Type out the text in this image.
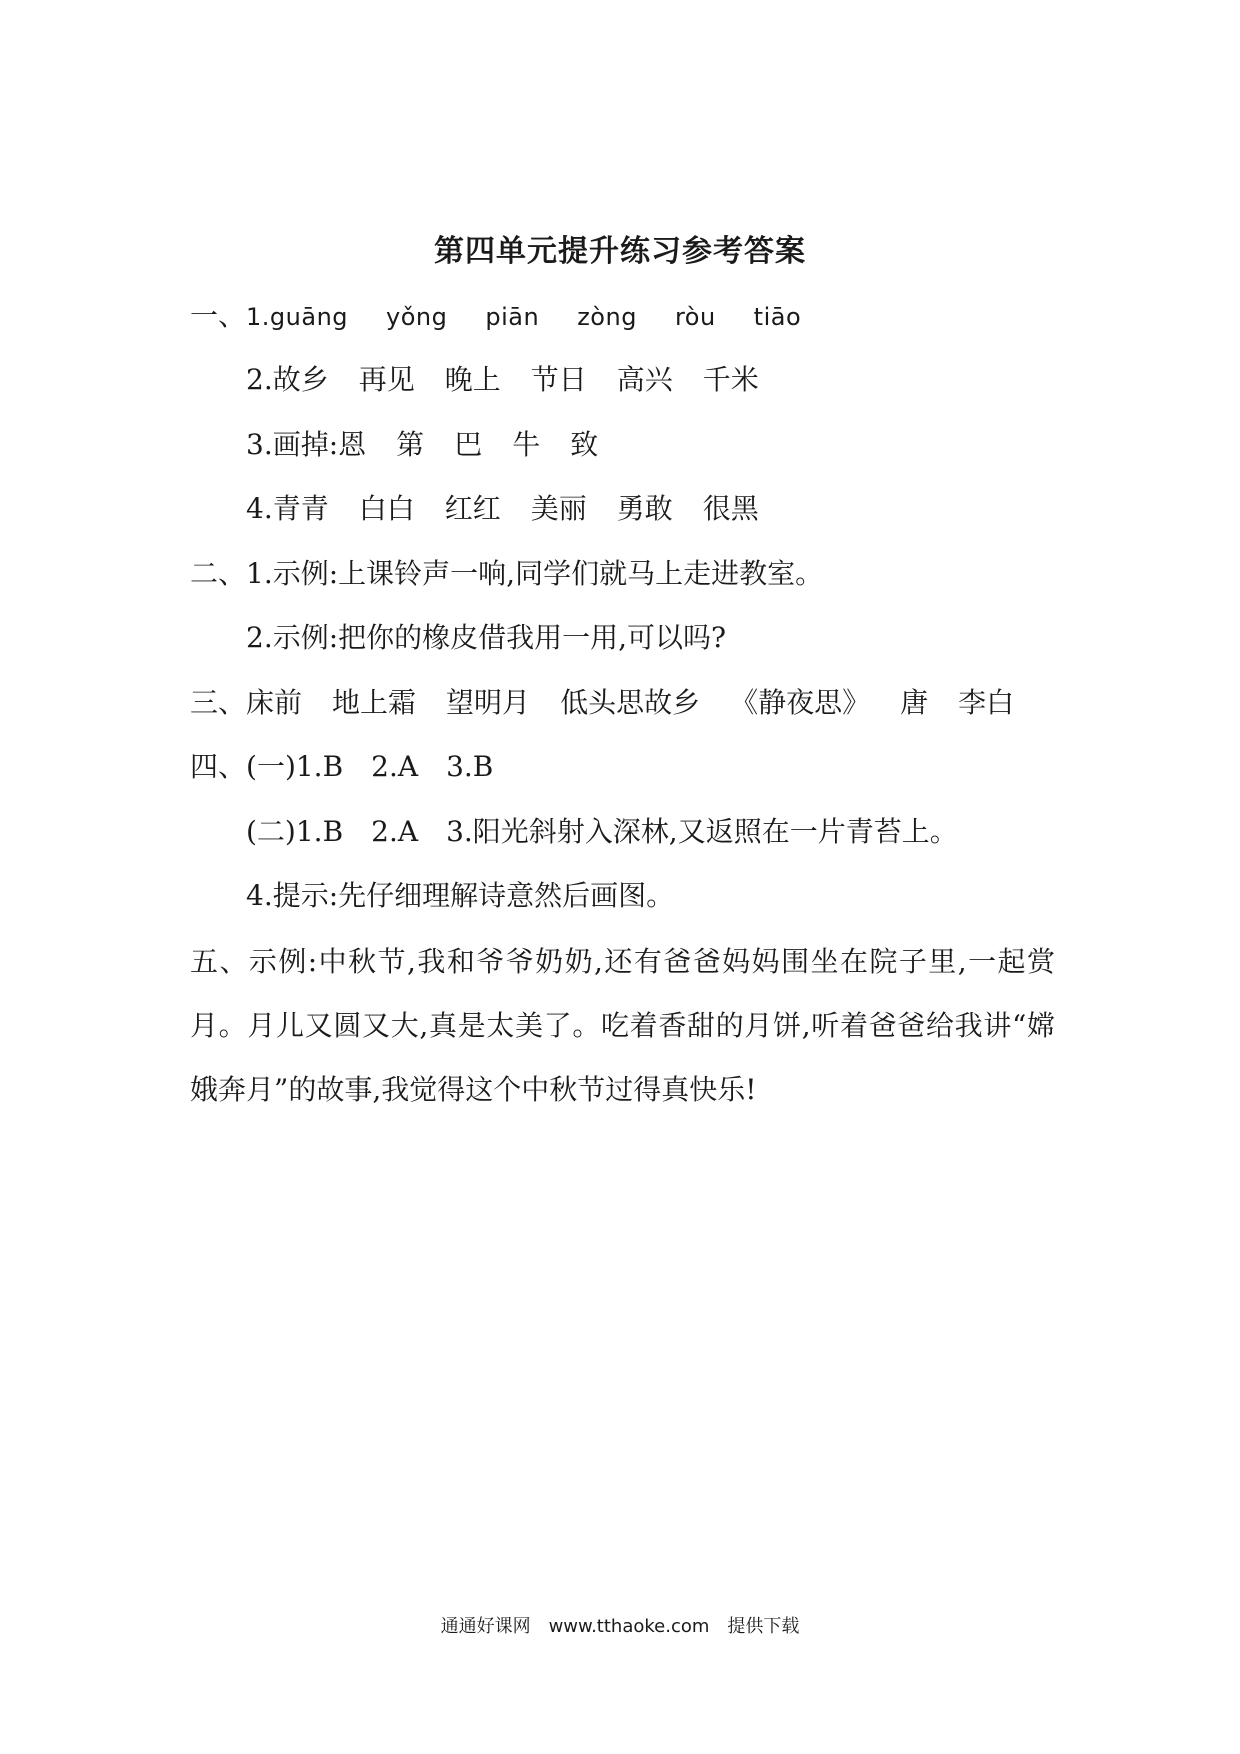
第四单元提升练习参考答案
一、1.guāng yǒng piān zòng ròu tiāo
2.故乡 再见 晚上 节日 高兴 千米
3.画掉:恩 第 巴 牛 致
4.青青 白白 红红 美丽 勇敢 很黑
二、1.示例:上课铃声一响,同学们就马上走进教室。
2.示例:把你的橡皮借我用一用,可以吗?
三、床前 地上霜 望明月 低头思故乡 《静夜思》 唐 李白
四、(一)1.B　2.A　3.B
(二)1.B　2.A　3.阳光斜射入深林,又返照在一片青苔上。
4.提示:先仔细理解诗意然后画图。
五、示例:中秋节,我和爷爷奶奶,还有爸爸妈妈围坐在院子里,一起赏月。月儿又圆又大,真是太美了。吃着香甜的月饼,听着爸爸给我讲“嫦娥奔月”的故事,我觉得这个中秋节过得真快乐!
通通好课网　www.tthaoke.com　提供下载
